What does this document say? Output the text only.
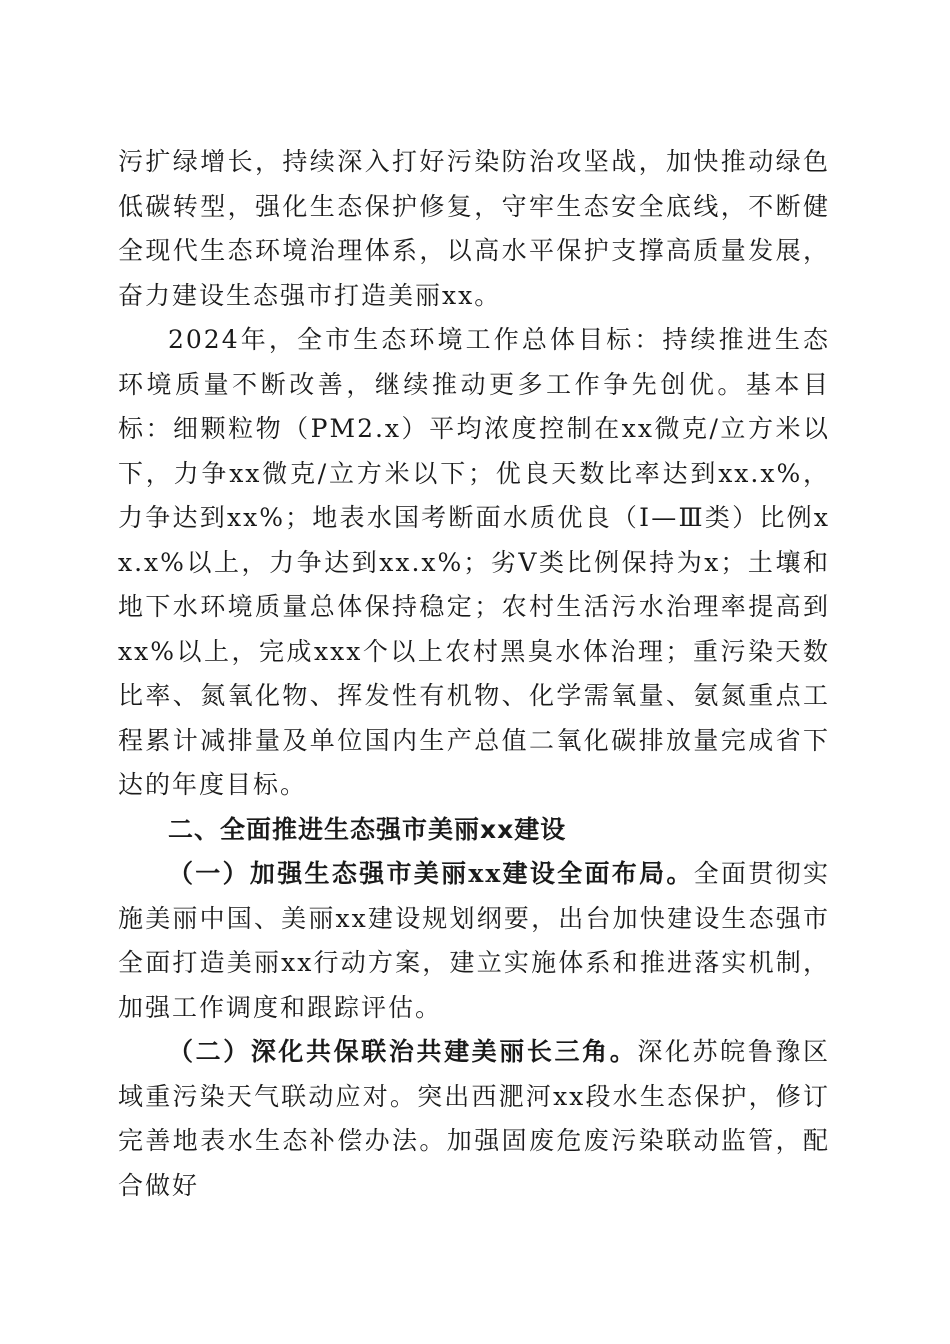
污扩绿增长，持续深入打好污染防治攻坚战，加快推动绿色低碳转型，强化生态保护修复，守牢生态安全底线，不断健全现代生态环境治理体系，以高水平保护支撑高质量发展，奋力建设生态强市打造美丽xx。

2024年，全市生态环境工作总体目标：持续推进生态环境质量不断改善，继续推动更多工作争先创优。基本目标：细颗粒物（PM2.x）平均浓度控制在xx微克/立方米以下，力争xx微克/立方米以下；优良天数比率达到xx.x%，力争达到xx%；地表水国考断面水质优良（Ⅰ—Ⅲ类）比例xx.x%以上，力争达到xx.x%；劣Ⅴ类比例保持为x；土壤和地下水环境质量总体保持稳定；农村生活污水治理率提高到xx%以上，完成xxx个以上农村黑臭水体治理；重污染天数比率、氮氧化物、挥发性有机物、化学需氧量、氨氮重点工程累计减排量及单位国内生产总值二氧化碳排放量完成省下达的年度目标。

二、全面推进生态强市美丽xx建设

（一）加强生态强市美丽xx建设全面布局。全面贯彻实施美丽中国、美丽xx建设规划纲要，出台加快建设生态强市全面打造美丽xx行动方案，建立实施体系和推进落实机制，加强工作调度和跟踪评估。

（二）深化共保联治共建美丽长三角。深化苏皖鲁豫区域重污染天气联动应对。突出西淝河xx段水生态保护，修订完善地表水生态补偿办法。加强固废危废污染联动监管，配合做好
